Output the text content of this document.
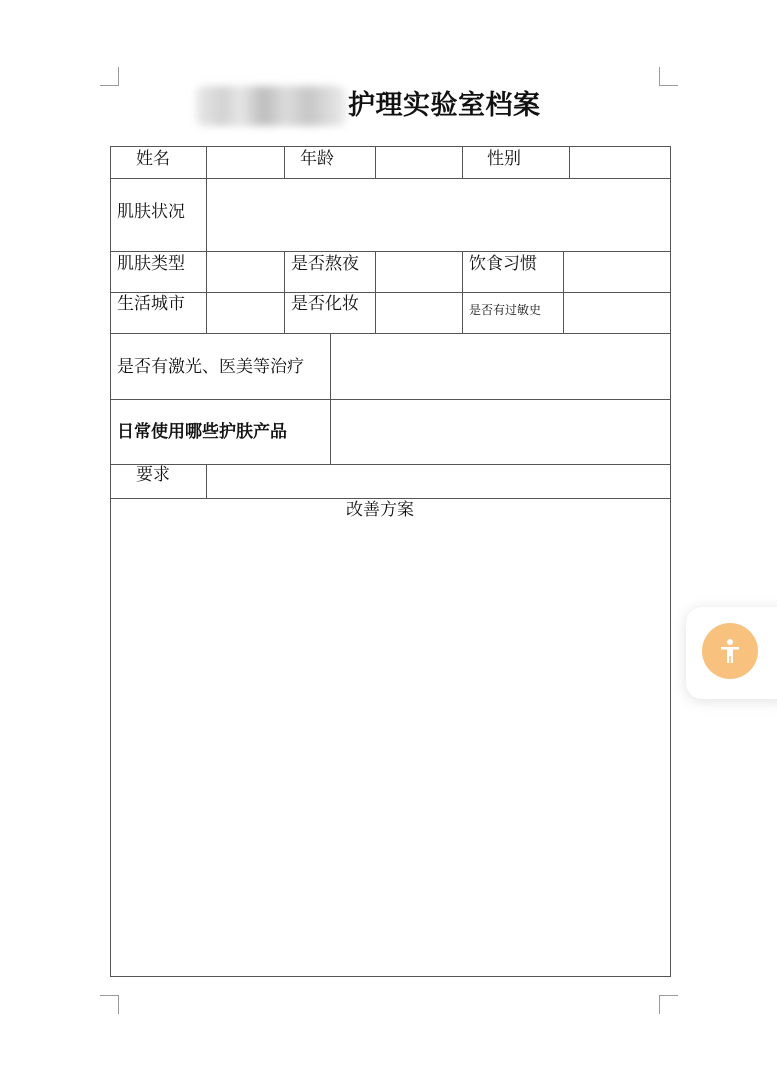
护理实验室档案
姓名	年龄	性别
肌肤状况
肌肤类型	是否熬夜	饮食习惯
生活城市	是否化妆	是否有过敏史
是否有激光、医美等治疗
日常使用哪些护肤产品
要求
改善方案
